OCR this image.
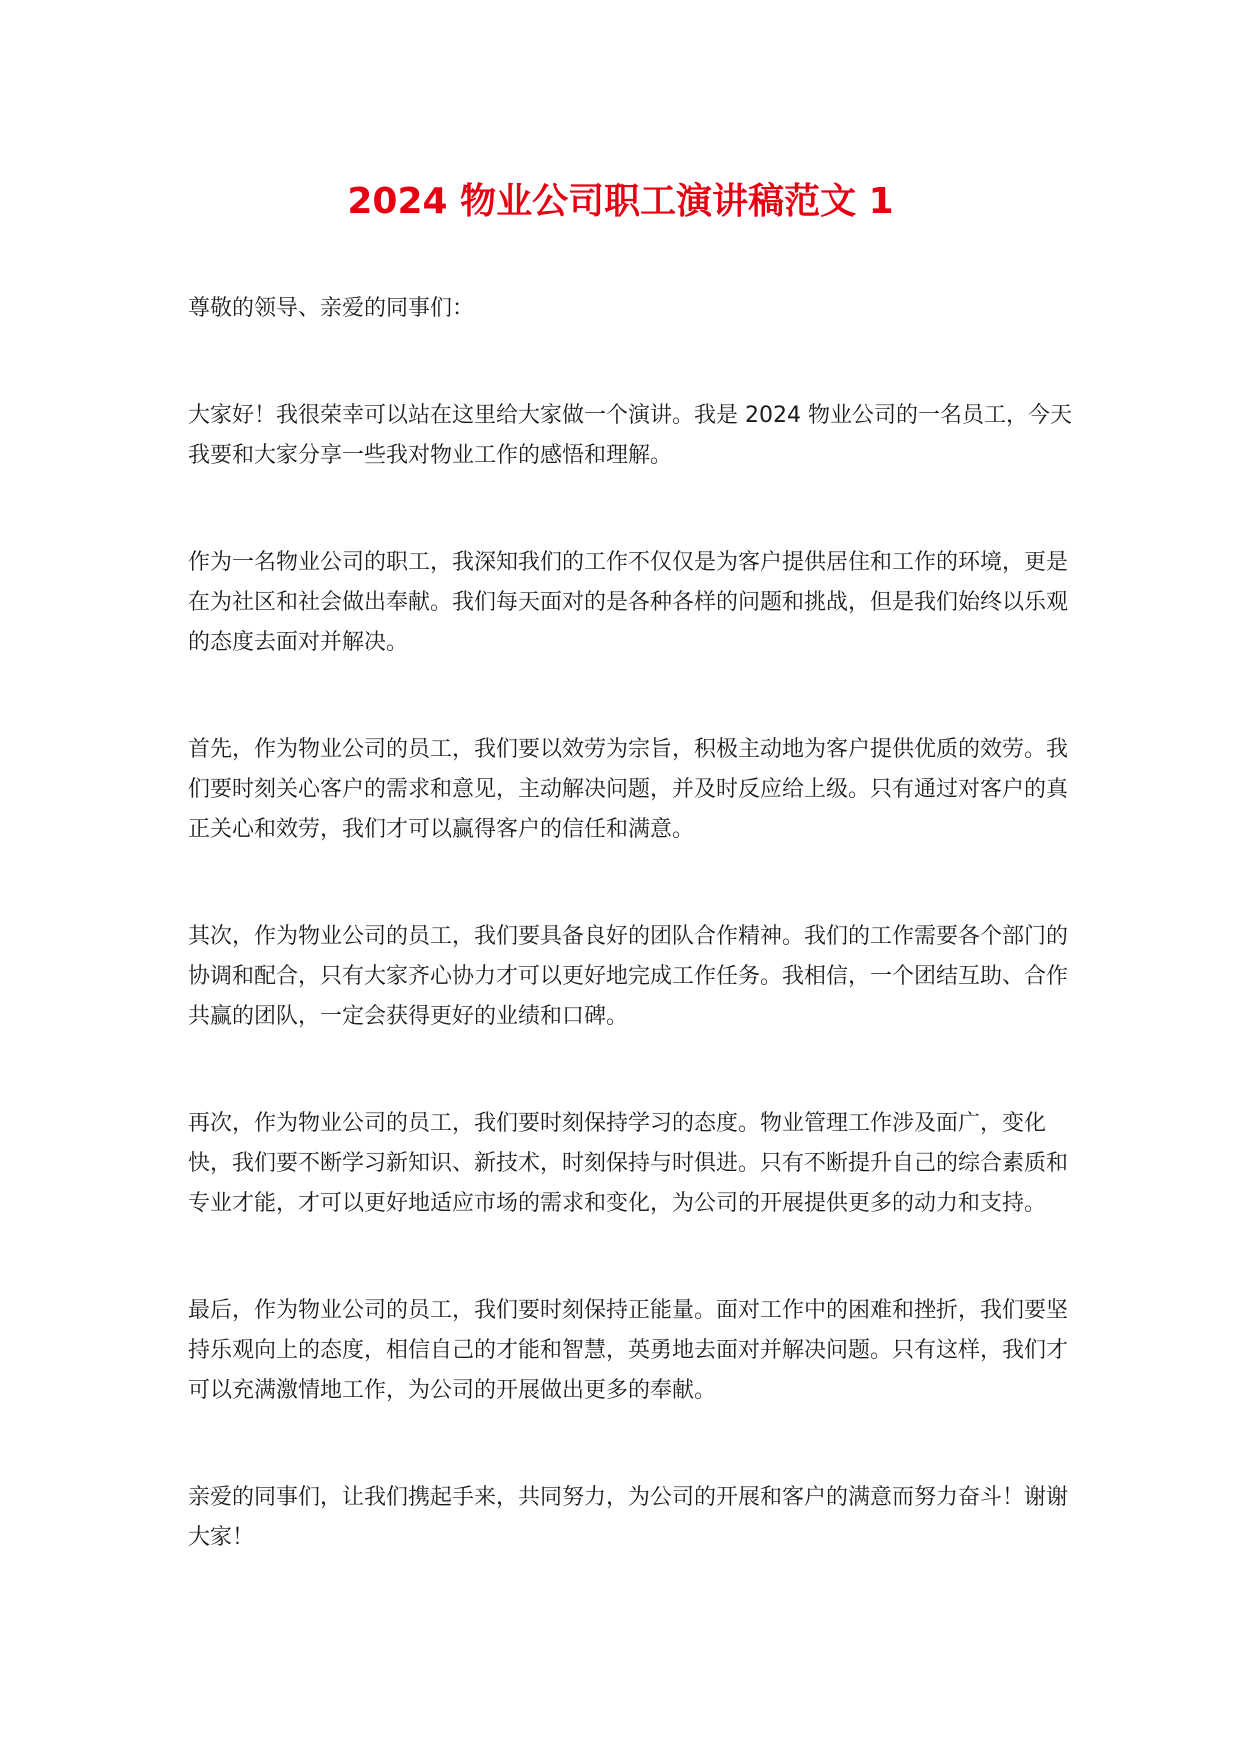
2024 物业公司职工演讲稿范文 1

尊敬的领导、亲爱的同事们：

大家好！我很荣幸可以站在这里给大家做一个演讲。我是 2024 物业公司的一名员工，今天我要和大家分享一些我对物业工作的感悟和理解。

作为一名物业公司的职工，我深知我们的工作不仅仅是为客户提供居住和工作的环境，更是在为社区和社会做出奉献。我们每天面对的是各种各样的问题和挑战，但是我们始终以乐观的态度去面对并解决。

首先，作为物业公司的员工，我们要以效劳为宗旨，积极主动地为客户提供优质的效劳。我们要时刻关心客户的需求和意见，主动解决问题，并及时反应给上级。只有通过对客户的真正关心和效劳，我们才可以赢得客户的信任和满意。

其次，作为物业公司的员工，我们要具备良好的团队合作精神。我们的工作需要各个部门的协调和配合，只有大家齐心协力才可以更好地完成工作任务。我相信，一个团结互助、合作共赢的团队，一定会获得更好的业绩和口碑。

再次，作为物业公司的员工，我们要时刻保持学习的态度。物业管理工作涉及面广，变化快，我们要不断学习新知识、新技术，时刻保持与时俱进。只有不断提升自己的综合素质和专业才能，才可以更好地适应市场的需求和变化，为公司的开展提供更多的动力和支持。

最后，作为物业公司的员工，我们要时刻保持正能量。面对工作中的困难和挫折，我们要坚持乐观向上的态度，相信自己的才能和智慧，英勇地去面对并解决问题。只有这样，我们才可以充满激情地工作，为公司的开展做出更多的奉献。

亲爱的同事们，让我们携起手来，共同努力，为公司的开展和客户的满意而努力奋斗！谢谢大家！
